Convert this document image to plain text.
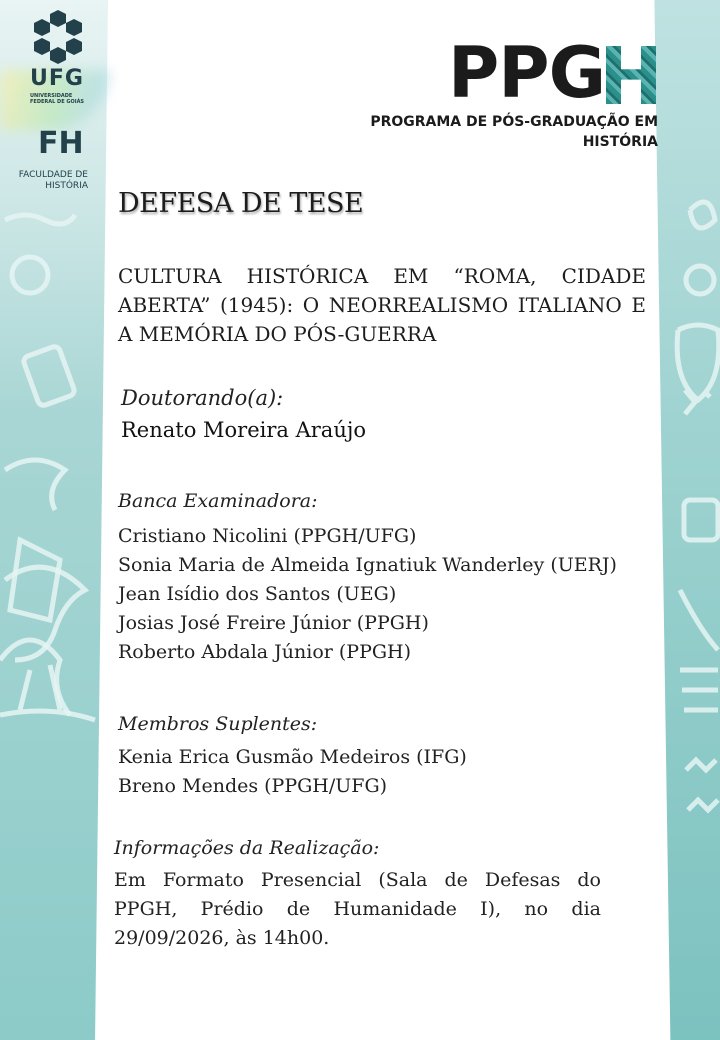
UFG
UNIVERSIDADE FEDERAL DE GOIÁS
FH
FACULDADE DE HISTÓRIA
PPG
PROGRAMA DE PÓS-GRADUAÇÃO EM HISTÓRIA
DEFESA DE TESE
CULTURA HISTÓRICA EM “ROMA, CIDADE ABERTA” (1945): O NEORREALISMO ITALIANO E A MEMÓRIA DO PÓS-GUERRA
Doutorando(a):
Renato Moreira Araújo
Banca Examinadora:
Cristiano Nicolini (PPGH/UFG)
Sonia Maria de Almeida Ignatiuk Wanderley (UERJ)
Jean Isídio dos Santos (UEG)
Josias José Freire Júnior (PPGH)
Roberto Abdala Júnior (PPGH)
Membros Suplentes:
Kenia Erica Gusmão Medeiros (IFG)
Breno Mendes (PPGH/UFG)
Informações da Realização:
Em Formato Presencial (Sala de Defesas do PPGH, Prédio de Humanidade I), no dia 29/09/2026, às 14h00.
